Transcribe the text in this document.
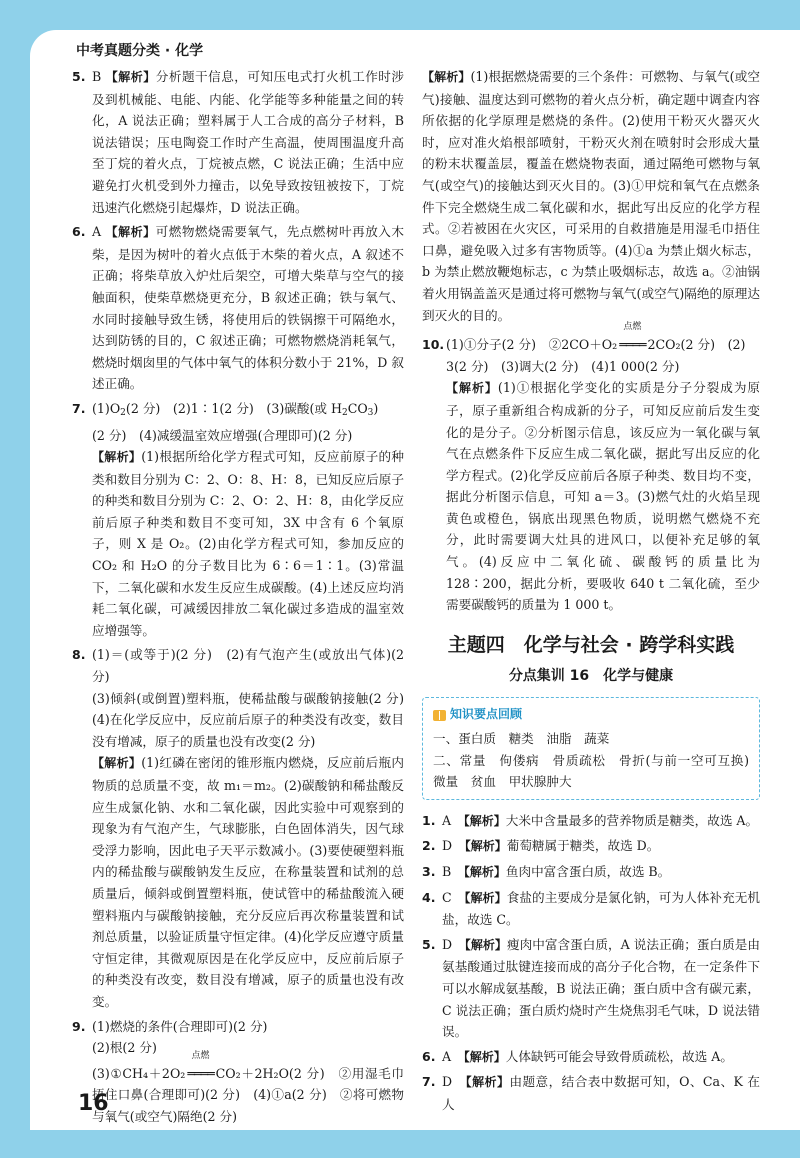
中考真题分类 · 化学
5. B 【解析】分析题干信息，可知压电式打火机工作时涉及到机械能、电能、内能、化学能等多种能量之间的转化，A 说法正确；塑料属于人工合成的高分子材料，B 说法错误；压电陶瓷工作时产生高温，使周围温度升高至丁烷的着火点，丁烷被点燃，C 说法正确；生活中应避免打火机受到外力撞击，以免导致按钮被按下，丁烷迅速汽化燃烧引起爆炸，D 说法正确。

6. A 【解析】可燃物燃烧需要氧气，先点燃树叶再放入木柴，是因为树叶的着火点低于木柴的着火点，A 叙述不正确；将柴草放入炉灶后架空，可增大柴草与空气的接触面积，使柴草燃烧更充分，B 叙述正确；铁与氧气、水同时接触导致生锈，将使用后的铁锅擦干可隔绝水，达到防锈的目的，C 叙述正确；可燃物燃烧消耗氧气，燃烧时烟囱里的气体中氧气的体积分数小于 21%，D 叙述正确。

7. $(1)O_2(2$ 分)　(2)1∶1(2 分)　(3)碳酸(或 $H_2CO_3$)

(2 分)　(4)减缓温室效应增强(合理即可)(2 分)

【解析】(1)根据所给化学方程式可知，反应前原子的种类和数目分别为 C：2、O：8、H：8，已知反应后原子的种类和数目分别为 C：2、O：2、H：8，由化学反应前后原子种类和数目不变可知，3X 中含有 6 个氧原子，则 X 是 O₂。(2)由化学方程式可知，参加反应的 CO₂ 和 H₂O 的分子数目比为 6∶6＝1∶1。(3)常温下，二氧化碳和水发生反应生成碳酸。(4)上述反应均消耗二氧化碳，可减缓因排放二氧化碳过多造成的温室效应增强等。

8. (1)＝(或等于)(2 分)　(2)有气泡产生(或放出气体)(2 分)

(3)倾斜(或倒置)塑料瓶，使稀盐酸与碳酸钠接触(2 分)　(4)在化学反应中，反应前后原子的种类没有改变，数目没有增减，原子的质量也没有改变(2 分)

【解析】(1)红磷在密闭的锥形瓶内燃烧，反应前后瓶内物质的总质量不变，故 m₁＝m₂。(2)碳酸钠和稀盐酸反应生成氯化钠、水和二氧化碳，因此实验中可观察到的现象为有气泡产生，气球膨胀，白色固体消失，因气球受浮力影响，因此电子天平示数减小。(3)要使硬塑料瓶内的稀盐酸与碳酸钠发生反应，在称量装置和试剂的总质量后，倾斜或倒置塑料瓶，使试管中的稀盐酸流入硬塑料瓶内与碳酸钠接触，充分反应后再次称量装置和试剂总质量，以验证质量守恒定律。(4)化学反应遵守质量守恒定律，其微观原因是在化学反应中，反应前后原子的种类没有改变，数目没有增减，原子的质量也没有改变。

9. (1)燃烧的条件(合理即可)(2 分)

(2)根(2 分)

(3)①CH₄＋2O₂
点燃
════ CO₂＋2H₂O(2 分)　②用湿毛巾捂住口鼻(合理即可)(2 分)　(4)①a(2 分)　②将可燃物与氧气(或空气)隔绝(2 分)

【解析】(1)根据燃烧需要的三个条件：可燃物、与氧气(或空气)接触、温度达到可燃物的着火点分析，确定题中调查内容所依据的化学原理是燃烧的条件。(2)使用干粉灭火器灭火时，应对准火焰根部喷射，干粉灭火剂在喷射时会形成大量的粉末状覆盖层，覆盖在燃烧物表面，通过隔绝可燃物与氧气(或空气)的接触达到灭火目的。(3)①甲烷和氧气在点燃条件下完全燃烧生成二氧化碳和水，据此写出反应的化学方程式。②若被困在火灾区，可采用的自救措施是用湿毛巾捂住口鼻，避免吸入过多有害物质等。(4)①a 为禁止烟火标志，b 为禁止燃放鞭炮标志，c 为禁止吸烟标志，故选 a。②油锅着火用锅盖盖灭是通过将可燃物与氧气(或空气)隔绝的原理达到灭火的目的。

10. (1)①分子(2 分)　②2CO＋O₂
点燃
════ 2CO₂(2 分)　(2)

3(2 分)　(3)调大(2 分)　(4)1 000(2 分)

【解析】(1)①根据化学变化的实质是分子分裂成为原子，原子重新组合构成新的分子，可知反应前后发生变化的是分子。②分析图示信息，该反应为一氧化碳与氧气在点燃条件下反应生成二氧化碳，据此写出反应的化学方程式。(2)化学反应前后各原子种类、数目均不变，据此分析图示信息，可知 a＝3。(3)燃气灶的火焰呈现黄色或橙色，锅底出现黑色物质，说明燃气燃烧不充分，此时需要调大灶具的进风口，以便补充足够的氧气。(4)反应中二氧化硫、碳酸钙的质量比为 128∶200，据此分析，要吸收 640 t 二氧化硫，至少需要碳酸钙的质量为 1 000 t。

主题四　化学与社会 · 跨学科实践
分点集训 16　化学与健康
知识要点回顾

一、蛋白质　糖类　油脂　蔬菜

二、常量　佝偻病　骨质疏松　骨折(与前一空可互换)　微量　贫血　甲状腺肿大

1. A　 【解析】大米中含量最多的营养物质是糖类，故选 A。

2. D　 【解析】葡萄糖属于糖类，故选 D。

3. B　 【解析】鱼肉中富含蛋白质，故选 B。

4. C　 【解析】食盐的主要成分是氯化钠，可为人体补充无机盐，故选 C。

5. D　 【解析】瘦肉中富含蛋白质，A 说法正确；蛋白质是由氨基酸通过肽键连接而成的高分子化合物，在一定条件下可以水解成氨基酸，B 说法正确；蛋白质中含有碳元素，C 说法正确；蛋白质灼烧时产生烧焦羽毛气味，D 说法错误。

6. A　 【解析】人体缺钙可能会导致骨质疏松，故选 A。

7. D　 【解析】由题意，结合表中数据可知，O、Ca、K 在人

16
